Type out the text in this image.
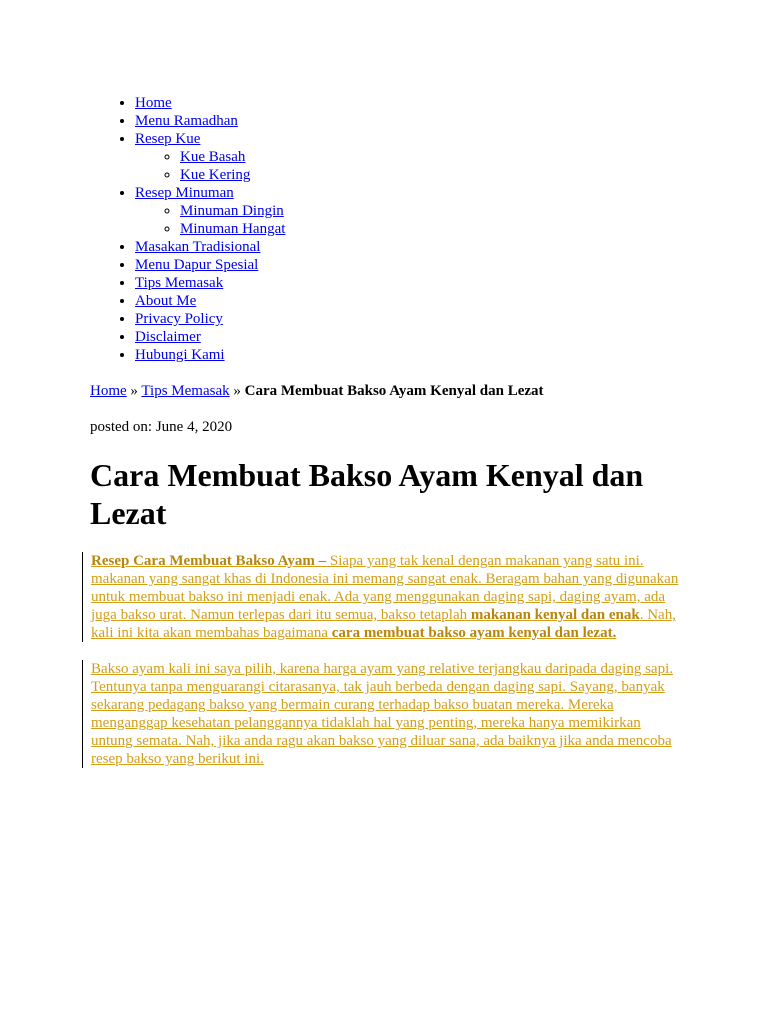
• Home
• Menu Ramadhan
• Resep Kue
◦ Kue Basah
◦ Kue Kering
• Resep Minuman
◦ Minuman Dingin
◦ Minuman Hangat
• Masakan Tradisional
• Menu Dapur Spesial
• Tips Memasak
• About Me
• Privacy Policy
• Disclaimer
• Hubungi Kami
Home » Tips Memasak » Cara Membuat Bakso Ayam Kenyal dan Lezat
posted on: June 4, 2020
Cara Membuat Bakso Ayam Kenyal dan Lezat

Resep Cara Membuat Bakso Ayam – Siapa yang tak kenal dengan makanan yang satu ini. makanan yang sangat khas di Indonesia ini memang sangat enak. Beragam bahan yang digunakan untuk membuat bakso ini menjadi enak. Ada yang menggunakan daging sapi, daging ayam, ada juga bakso urat. Namun terlepas dari itu semua, bakso tetaplah makanan kenyal dan enak. Nah, kali ini kita akan membahas bagaimana cara membuat bakso ayam kenyal dan lezat.

Bakso ayam kali ini saya pilih, karena harga ayam yang relative terjangkau daripada daging sapi. Tentunya tanpa menguarangi citarasanya, tak jauh berbeda dengan daging sapi. Sayang, banyak sekarang pedagang bakso yang bermain curang terhadap bakso buatan mereka. Mereka menganggap kesehatan pelanggannya tidaklah hal yang penting, mereka hanya memikirkan untung semata. Nah, jika anda ragu akan bakso yang diluar sana, ada baiknya jika anda mencoba resep bakso yang berikut ini.
